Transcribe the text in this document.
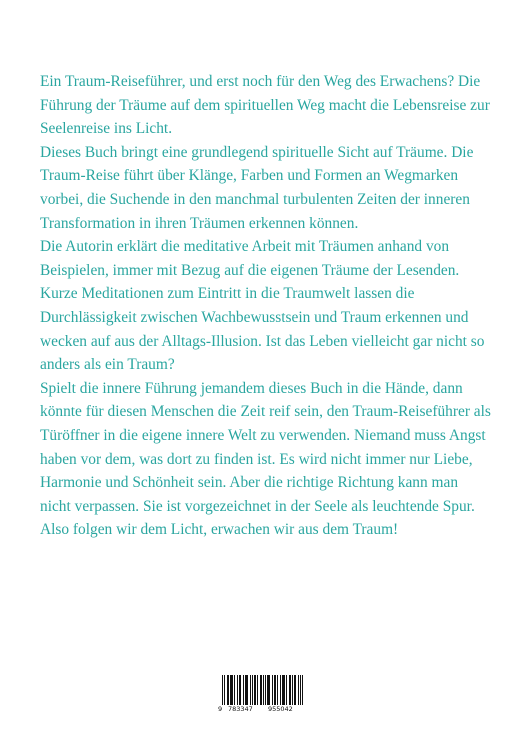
Ein Traum-Reiseführer, und erst noch für den Weg des Erwachens? Die Führung der Träume auf dem spirituellen Weg macht die Lebensreise zur Seelenreise ins Licht.

Dieses Buch bringt eine grundlegend spirituelle Sicht auf Träume. Die Traum-Reise führt über Klänge, Farben und Formen an Wegmarken vorbei, die Suchende in den manchmal turbulenten Zeiten der inneren Transformation in ihren Träumen erkennen können.

Die Autorin erklärt die meditative Arbeit mit Träumen anhand von Beispielen, immer mit Bezug auf die eigenen Träume der Lesenden. Kurze Meditationen zum Eintritt in die Traumwelt lassen die Durchlässigkeit zwischen Wachbewusstsein und Traum erkennen und wecken auf aus der Alltags-Illusion. Ist das Leben vielleicht gar nicht so anders als ein Traum?

Spielt die innere Führung jemandem dieses Buch in die Hände, dann könnte für diesen Menschen die Zeit reif sein, den Traum-Reiseführer als Türöffner in die eigene innere Welt zu verwenden. Niemand muss Angst haben vor dem, was dort zu finden ist. Es wird nicht immer nur Liebe, Harmonie und Schönheit sein. Aber die richtige Richtung kann man nicht verpassen. Sie ist vorgezeichnet in der Seele als leuchtende Spur. Also folgen wir dem Licht, erwachen wir aus dem Traum!

9 783347 955042
